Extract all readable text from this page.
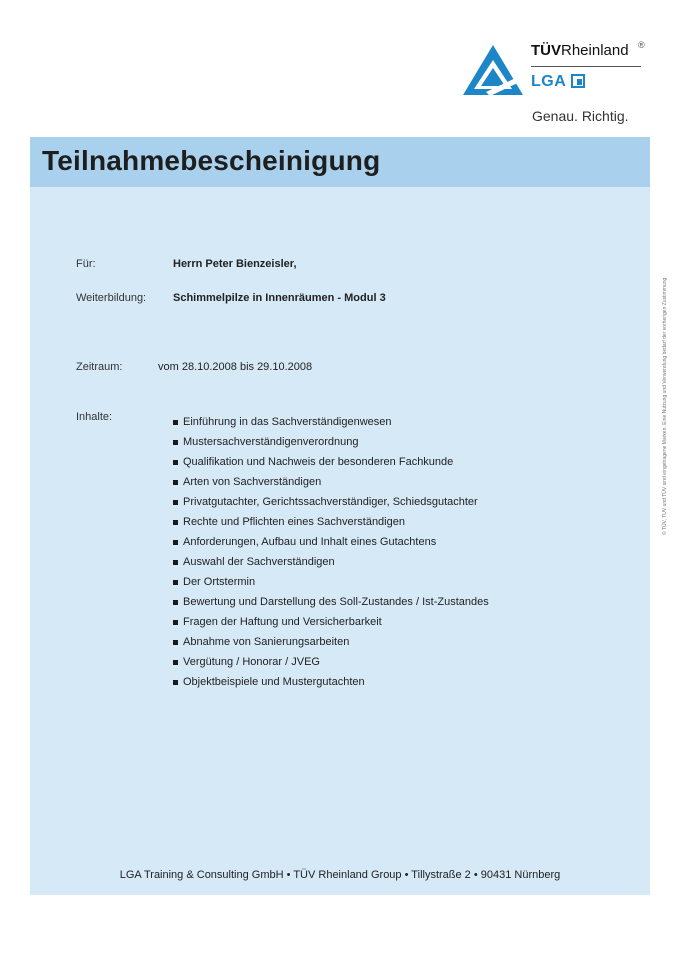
TÜVRheinland ®
LGA
Genau. Richtig.
Teilnahmebescheinigung
Für:	Herrn Peter Bienzeisler,
Weiterbildung: Schimmelpilze in Innenräumen - Modul 3
Zeitraum:	vom 28.10.2008 bis 29.10.2008
Inhalte:	Einführung in das Sachverständigenwesen
Mustersachverständigenverordnung
Qualifikation und Nachweis der besonderen Fachkunde
Arten von Sachverständigen
Privatgutachter, Gerichtssachverständiger, Schiedsgutachter
Rechte und Pflichten eines Sachverständigen
Anforderungen, Aufbau und Inhalt eines Gutachtens
Auswahl der Sachverständigen
Der Ortstermin
Bewertung und Darstellung des Soll-Zustandes / Ist-Zustandes
Fragen der Haftung und Versicherbarkeit
Abnahme von Sanierungsarbeiten
Vergütung / Honorar / JVEG
Objektbeispiele und Mustergutachten
LGA Training & Consulting GmbH • TÜV Rheinland Group • Tillystraße 2 • 90431 Nürnberg
© TÜV, TUV und TÜV sind eingetragene Marken. Eine Nutzung und Verwendung bedarf der vorherigen Zustimmung.
